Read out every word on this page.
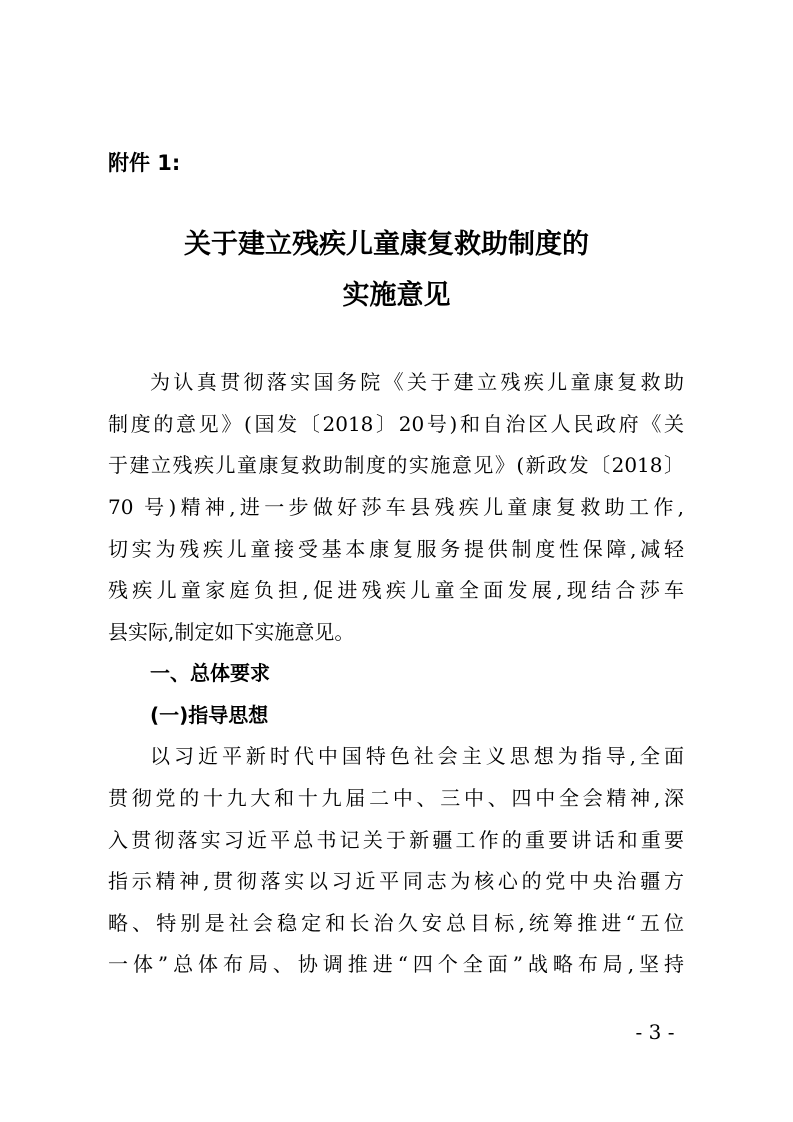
附件 1:
关于建立残疾儿童康复救助制度的
实施意见
为认真贯彻落实国务院《关于建立残疾儿童康复救助
制度的意见》(国发〔2018〕20号)和自治区人民政府《关
于建立残疾儿童康复救助制度的实施意见》(新政发〔2018〕
70 号)精神,进一步做好莎车县残疾儿童康复救助工作,
切实为残疾儿童接受基本康复服务提供制度性保障,减轻
残疾儿童家庭负担,促进残疾儿童全面发展,现结合莎车
县实际,制定如下实施意见。
一、总体要求
(一)指导思想
以习近平新时代中国特色社会主义思想为指导,全面
贯彻党的十九大和十九届二中、三中、四中全会精神,深
入贯彻落实习近平总书记关于新疆工作的重要讲话和重要
指示精神,贯彻落实以习近平同志为核心的党中央治疆方
略、特别是社会稳定和长治久安总目标,统筹推进“五位
一体”总体布局、协调推进“四个全面”战略布局,坚持
- 3 -
